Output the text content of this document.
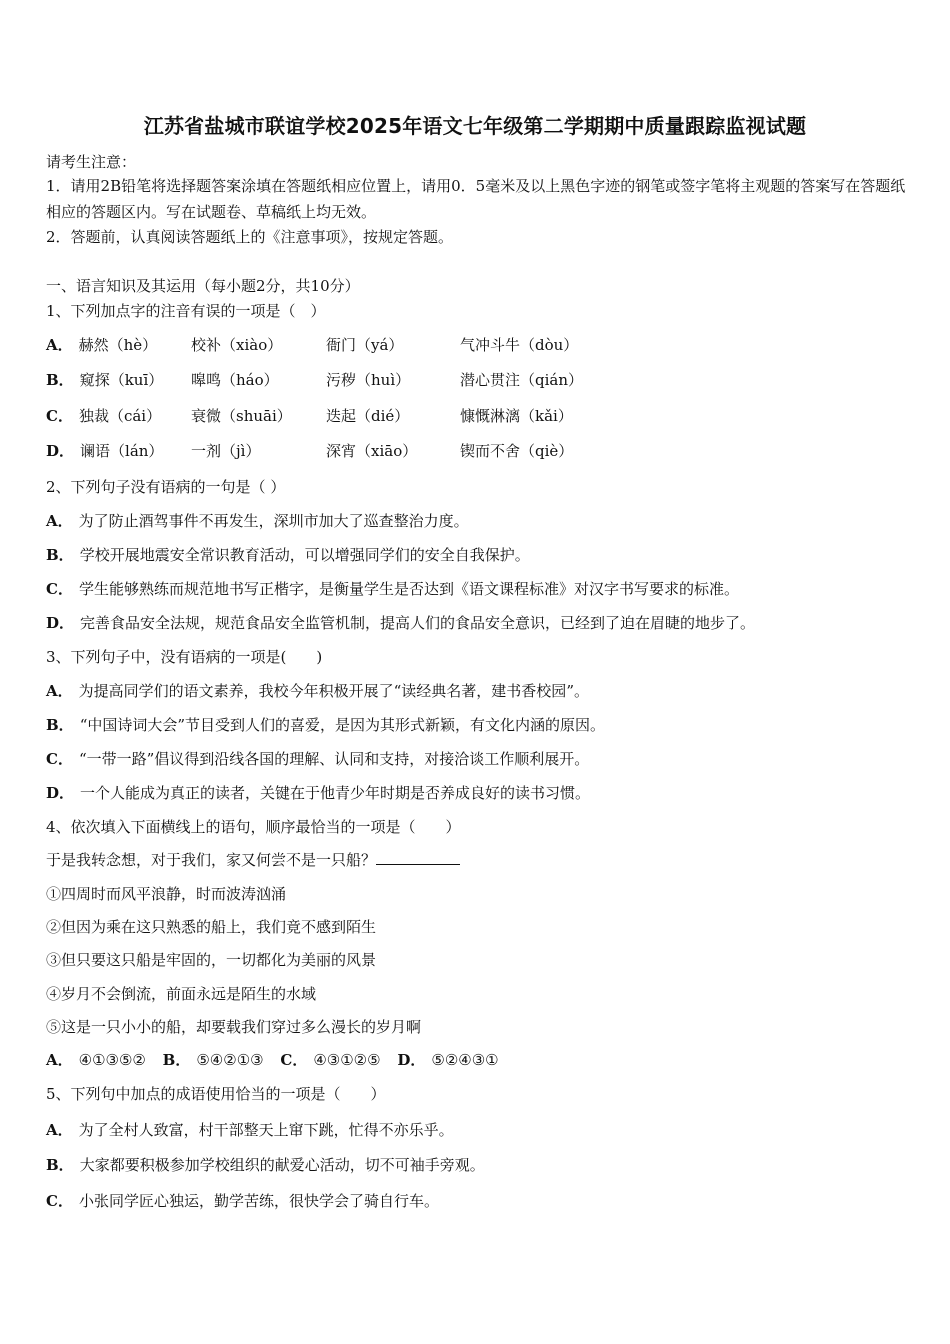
江苏省盐城市联谊学校2025年语文七年级第二学期期中质量跟踪监视试题
请考生注意：
1．请用2B铅笔将选择题答案涂填在答题纸相应位置上，请用0．5毫米及以上黑色字迹的钢笔或签字笔将主观题的答案写在答题纸相应的答题区内。写在试题卷、草稿纸上均无效。
2．答题前，认真阅读答题纸上的《注意事项》，按规定答题。
一、语言知识及其运用（每小题2分，共10分）
1、下列加点字的注音有误的一项是（　）
A． 赫然（hè） 校补（xiào）	衙门（yá）	气冲斗牛（dòu）
B． 窥探（kuī） 嗥鸣（háo）	污秽（huì）	潜心贯注（qián）
C． 独裁（cái） 衰微（shuāi） 迭起（dié）	慷慨淋漓（kǎi）
D． 谰语（lán） 一剂（jì）	深宵（xiāo）	锲而不舍（qiè）
2、下列句子没有语病的一句是（ ）
A． 为了防止酒驾事件不再发生，深圳市加大了巡查整治力度。
B． 学校开展地震安全常识教育活动，可以增强同学们的安全自我保护。
C． 学生能够熟练而规范地书写正楷字，是衡量学生是否达到《语文课程标准》对汉字书写要求的标准。
D． 完善食品安全法规，规范食品安全监管机制，提高人们的食品安全意识，已经到了迫在眉睫的地步了。
3、下列句子中，没有语病的一项是(　　)
A． 为提高同学们的语文素养，我校今年积极开展了“读经典名著，建书香校园”。
B． “中国诗词大会”节目受到人们的喜爱，是因为其形式新颖，有文化内涵的原因。
C． “一带一路”倡议得到沿线各国的理解、认同和支持，对接洽谈工作顺利展开。
D． 一个人能成为真正的读者，关键在于他青少年时期是否养成良好的读书习惯。
4、依次填入下面横线上的语句，顺序最恰当的一项是（　　）
于是我转念想，对于我们，家又何尝不是一只船？
①四周时而风平浪静，时而波涛汹涌
②但因为乘在这只熟悉的船上，我们竟不感到陌生
③但只要这只船是牢固的，一切都化为美丽的风景
④岁月不会倒流，前面永远是陌生的水域
⑤这是一只小小的船，却要载我们穿过多么漫长的岁月啊
A． ④①③⑤② B． ⑤④②①③ C． ④③①②⑤ D． ⑤②④③①
5、下列句中加点的成语使用恰当的一项是（　　）
A． 为了全村人致富，村干部整天上窜下跳，忙得不亦乐乎。
B． 大家都要积极参加学校组织的献爱心活动，切不可袖手旁观。
C． 小张同学匠心独运，勤学苦练，很快学会了骑自行车。
